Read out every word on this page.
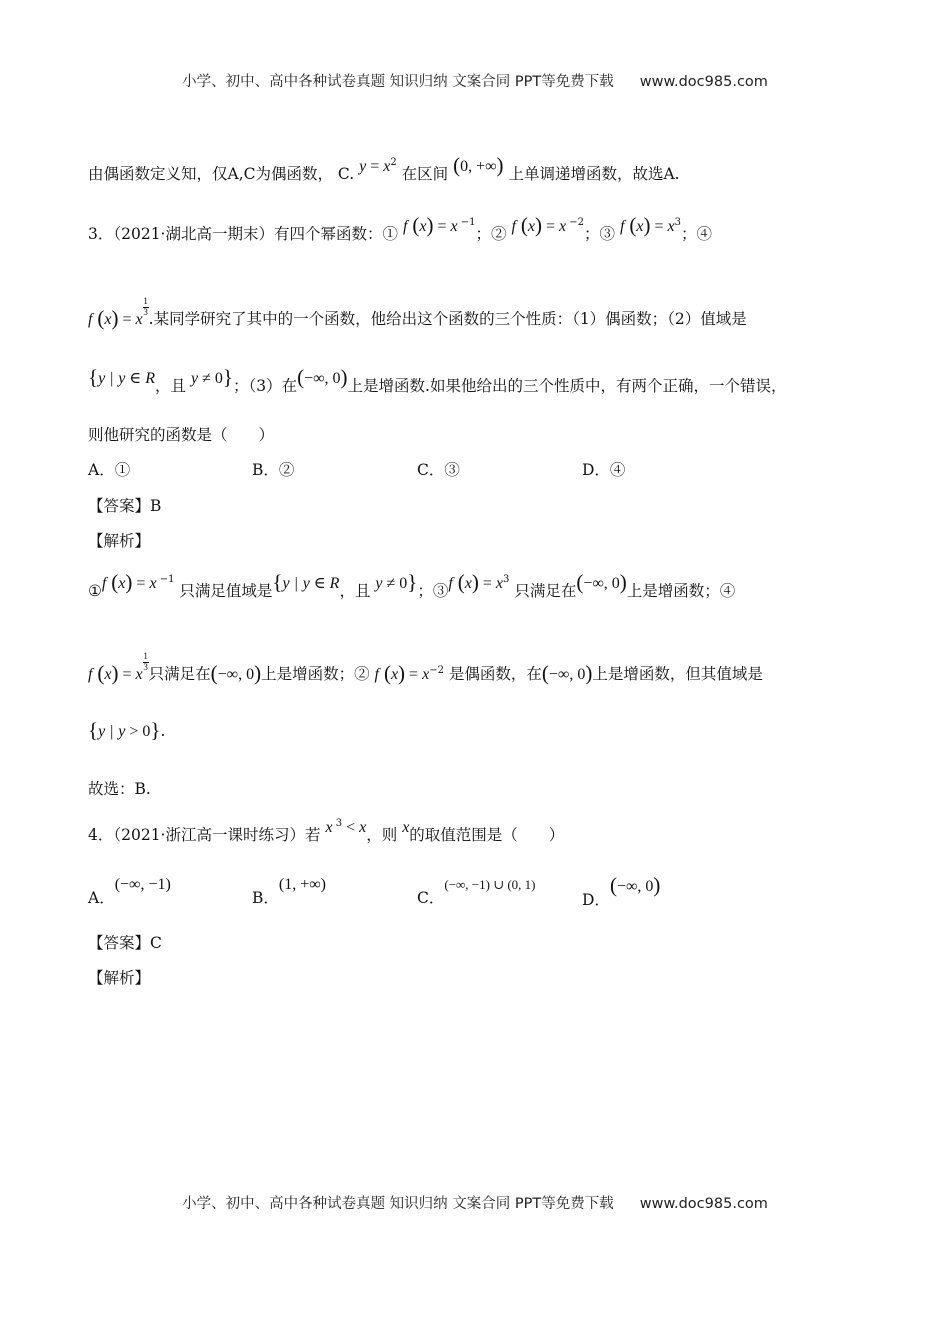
小学、初中、高中各种试卷真题 知识归纳 文案合同 PPT等免费下载 www.doc985.com
由偶函数定义知，仅A,C为偶函数， C. $y = x^2$ 在区间 (0, +∞) 上单调递增函数，故选A.
3．（2021·湖北高一期末）有四个幂函数：① f (x) = x $^{-1}$；② f (x) = x $^{-2}$；③ f $(x) = x^3$；④
f (x) = x
$\frac{1}{3}$
.某同学研究了其中的一个函数，他给出这个函数的三个性质：（1）偶函数；（2）值域是
{y | y ∈ R，且 y ≠ 0}；（3）在(−∞, 0)上是增函数.如果他给出的三个性质中，有两个正确，一个错误，
则他研究的函数是（　　）
A．①	B．②	C．③	D．④
【答案】B
【解析】
①f (x) = x $^{-1}$ 只满足值域是{y | y ∈ R，且 y ≠ 0}；③f $(x) = x^3$ 只满足在(−∞, 0)上是增函数；④
f (x) = x
$\frac{1}{3}$
只满足在(−∞, 0)上是增函数；② f $(x) = x^{-2}$ 是偶函数，在(−∞, 0)上是增函数，但其值域是
{y | y > 0}.
故选：B.
4．（2021·浙江高一课时练习）若 x $^3$ < x，则 x的取值范围是（　　）
A．(−∞, −1)
B．(1, +∞)
C．(−∞, −1) ∪ (0, 1)
D．(−∞, 0)
【答案】C
【解析】
小学、初中、高中各种试卷真题 知识归纳 文案合同 PPT等免费下载 www.doc985.com
